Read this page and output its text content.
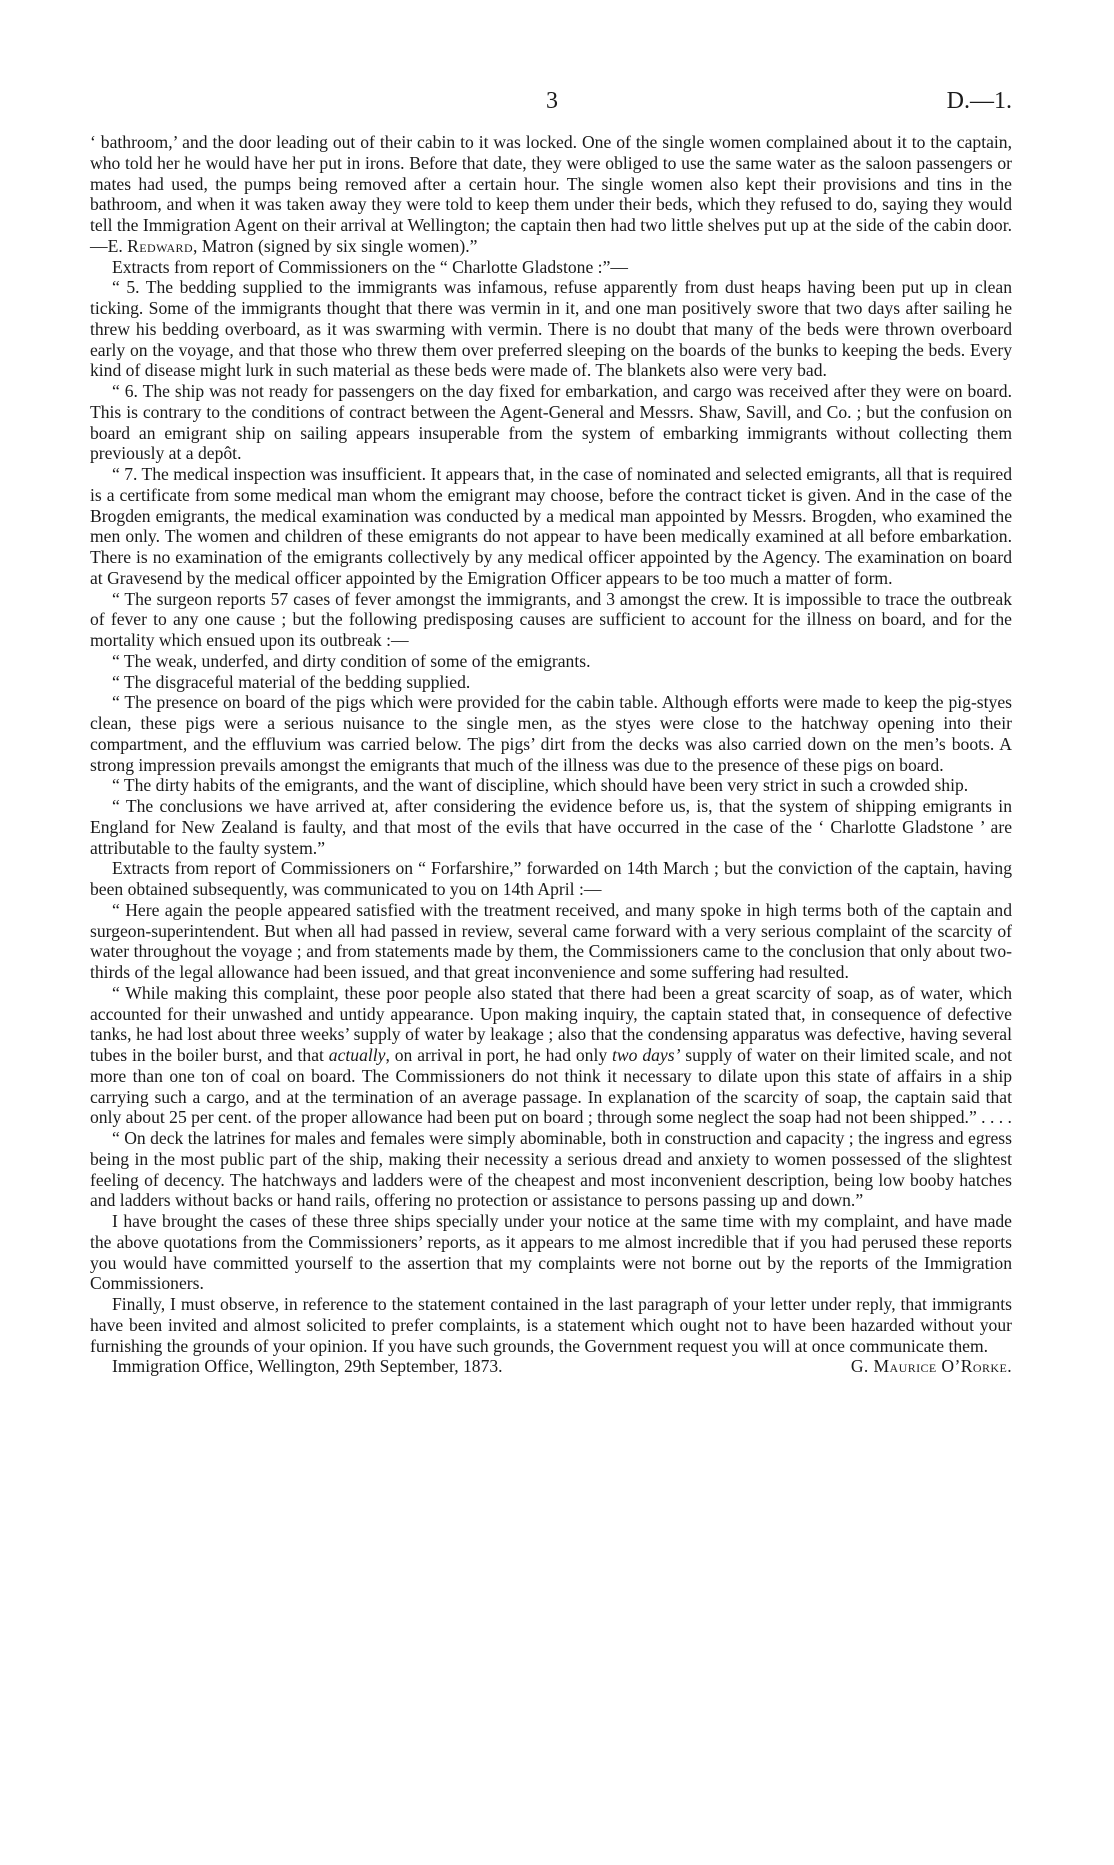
3	D.—1.

‘ bathroom,’ and the door leading out of their cabin to it was locked. One of the single women complained about it to the captain, who told her he would have her put in irons. Before that date, they were obliged to use the same water as the saloon passengers or mates had used, the pumps being removed after a certain hour. The single women also kept their provisions and tins in the bathroom, and when it was taken away they were told to keep them under their beds, which they refused to do, saying they would tell the Immigration Agent on their arrival at Wellington; the captain then had two little shelves put up at the side of the cabin door.—E. Redward, Matron (signed by six single women).”

Extracts from report of Commissioners on the “ Charlotte Gladstone :”—

“ 5. The bedding supplied to the immigrants was infamous, refuse apparently from dust heaps having been put up in clean ticking. Some of the immigrants thought that there was vermin in it, and one man positively swore that two days after sailing he threw his bedding overboard, as it was swarming with vermin. There is no doubt that many of the beds were thrown overboard early on the voyage, and that those who threw them over preferred sleeping on the boards of the bunks to keeping the beds. Every kind of disease might lurk in such material as these beds were made of. The blankets also were very bad.

“ 6. The ship was not ready for passengers on the day fixed for embarkation, and cargo was received after they were on board. This is contrary to the conditions of contract between the Agent-General and Messrs. Shaw, Savill, and Co. ; but the confusion on board an emigrant ship on sailing appears insuperable from the system of embarking immigrants without collecting them previously at a depôt.

“ 7. The medical inspection was insufficient. It appears that, in the case of nominated and selected emigrants, all that is required is a certificate from some medical man whom the emigrant may choose, before the contract ticket is given. And in the case of the Brogden emigrants, the medical examination was conducted by a medical man appointed by Messrs. Brogden, who examined the men only. The women and children of these emigrants do not appear to have been medically examined at all before embarkation. There is no examination of the emigrants collectively by any medical officer appointed by the Agency. The examination on board at Gravesend by the medical officer appointed by the Emigration Officer appears to be too much a matter of form.

“ The surgeon reports 57 cases of fever amongst the immigrants, and 3 amongst the crew. It is impossible to trace the outbreak of fever to any one cause ; but the following predisposing causes are sufficient to account for the illness on board, and for the mortality which ensued upon its outbreak :—

“ The weak, underfed, and dirty condition of some of the emigrants.

“ The disgraceful material of the bedding supplied.

“ The presence on board of the pigs which were provided for the cabin table. Although efforts were made to keep the pig-styes clean, these pigs were a serious nuisance to the single men, as the styes were close to the hatchway opening into their compartment, and the effluvium was carried below. The pigs’ dirt from the decks was also carried down on the men’s boots. A strong impression prevails amongst the emigrants that much of the illness was due to the presence of these pigs on board.

“ The dirty habits of the emigrants, and the want of discipline, which should have been very strict in such a crowded ship.

“ The conclusions we have arrived at, after considering the evidence before us, is, that the system of shipping emigrants in England for New Zealand is faulty, and that most of the evils that have occurred in the case of the ‘ Charlotte Gladstone ’ are attributable to the faulty system.”

Extracts from report of Commissioners on “ Forfarshire,” forwarded on 14th March ; but the conviction of the captain, having been obtained subsequently, was communicated to you on 14th April :—

“ Here again the people appeared satisfied with the treatment received, and many spoke in high terms both of the captain and surgeon-superintendent. But when all had passed in review, several came forward with a very serious complaint of the scarcity of water throughout the voyage ; and from statements made by them, the Commissioners came to the conclusion that only about two-thirds of the legal allowance had been issued, and that great inconvenience and some suffering had resulted.

“ While making this complaint, these poor people also stated that there had been a great scarcity of soap, as of water, which accounted for their unwashed and untidy appearance. Upon making inquiry, the captain stated that, in consequence of defective tanks, he had lost about three weeks’ supply of water by leakage ; also that the condensing apparatus was defective, having several tubes in the boiler burst, and that actually, on arrival in port, he had only two days’ supply of water on their limited scale, and not more than one ton of coal on board. The Commissioners do not think it necessary to dilate upon this state of affairs in a ship carrying such a cargo, and at the termination of an average passage. In explanation of the scarcity of soap, the captain said that only about 25 per cent. of the proper allowance had been put on board ; through some neglect the soap had not been shipped.” . . . .

“ On deck the latrines for males and females were simply abominable, both in construction and capacity ; the ingress and egress being in the most public part of the ship, making their necessity a serious dread and anxiety to women possessed of the slightest feeling of decency. The hatchways and ladders were of the cheapest and most inconvenient description, being low booby hatches and ladders without backs or hand rails, offering no protection or assistance to persons passing up and down.”

I have brought the cases of these three ships specially under your notice at the same time with my complaint, and have made the above quotations from the Commissioners’ reports, as it appears to me almost incredible that if you had perused these reports you would have committed yourself to the assertion that my complaints were not borne out by the reports of the Immigration Commissioners.

Finally, I must observe, in reference to the statement contained in the last paragraph of your letter under reply, that immigrants have been invited and almost solicited to prefer complaints, is a statement which ought not to have been hazarded without your furnishing the grounds of your opinion. If you have such grounds, the Government request you will at once communicate them.

Immigration Office, Wellington, 29th September, 1873.	G. Maurice O’Rorke.
